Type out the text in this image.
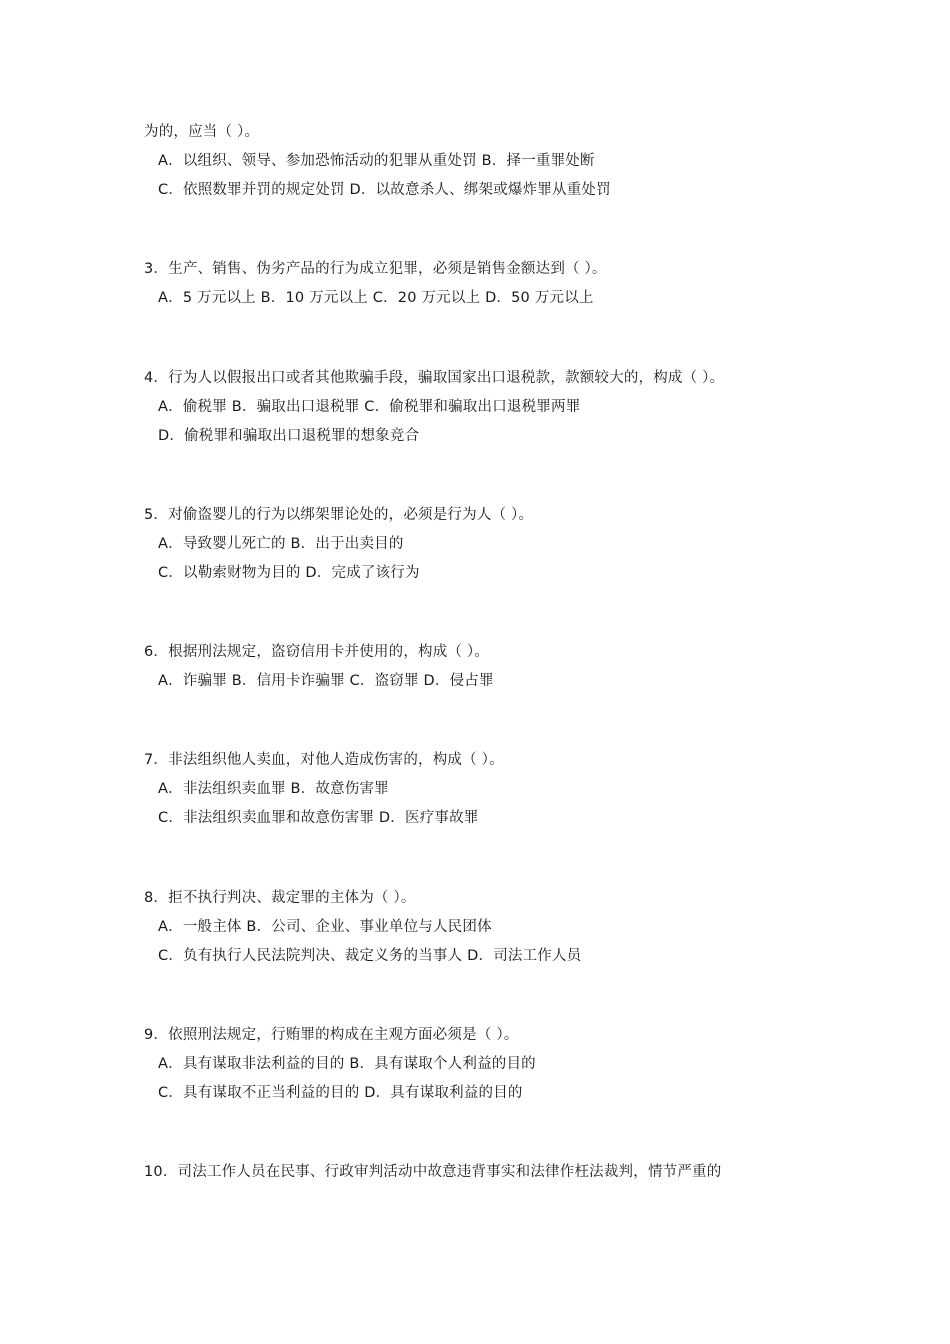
为的，应当（ ）。
A．以组织、领导、参加恐怖活动的犯罪从重处罚 B．择一重罪处断
C．依照数罪并罚的规定处罚 D．以故意杀人、绑架或爆炸罪从重处罚
3．生产、销售、伪劣产品的行为成立犯罪，必须是销售金额达到（ ）。
A．5 万元以上 B．10 万元以上 C．20 万元以上 D．50 万元以上
4．行为人以假报出口或者其他欺骗手段，骗取国家出口退税款，款额较大的，构成（ ）。
A．偷税罪 B．骗取出口退税罪 C．偷税罪和骗取出口退税罪两罪
D．偷税罪和骗取出口退税罪的想象竞合
5．对偷盗婴儿的行为以绑架罪论处的，必须是行为人（ ）。
A．导致婴儿死亡的 B．出于出卖目的
C．以勒索财物为目的 D．完成了该行为
6．根据刑法规定，盗窃信用卡并使用的，构成（ ）。
A．诈骗罪 B．信用卡诈骗罪 C．盗窃罪 D．侵占罪
7．非法组织他人卖血，对他人造成伤害的，构成（ ）。
A．非法组织卖血罪 B．故意伤害罪
C．非法组织卖血罪和故意伤害罪 D．医疗事故罪
8．拒不执行判决、裁定罪的主体为（ ）。
A．一般主体 B．公司、企业、事业单位与人民团体
C．负有执行人民法院判决、裁定义务的当事人 D．司法工作人员
9．依照刑法规定，行贿罪的构成在主观方面必须是（ ）。
A．具有谋取非法利益的目的 B．具有谋取个人利益的目的
C．具有谋取不正当利益的目的 D．具有谋取利益的目的
10．司法工作人员在民事、行政审判活动中故意违背事实和法律作枉法裁判，情节严重的
